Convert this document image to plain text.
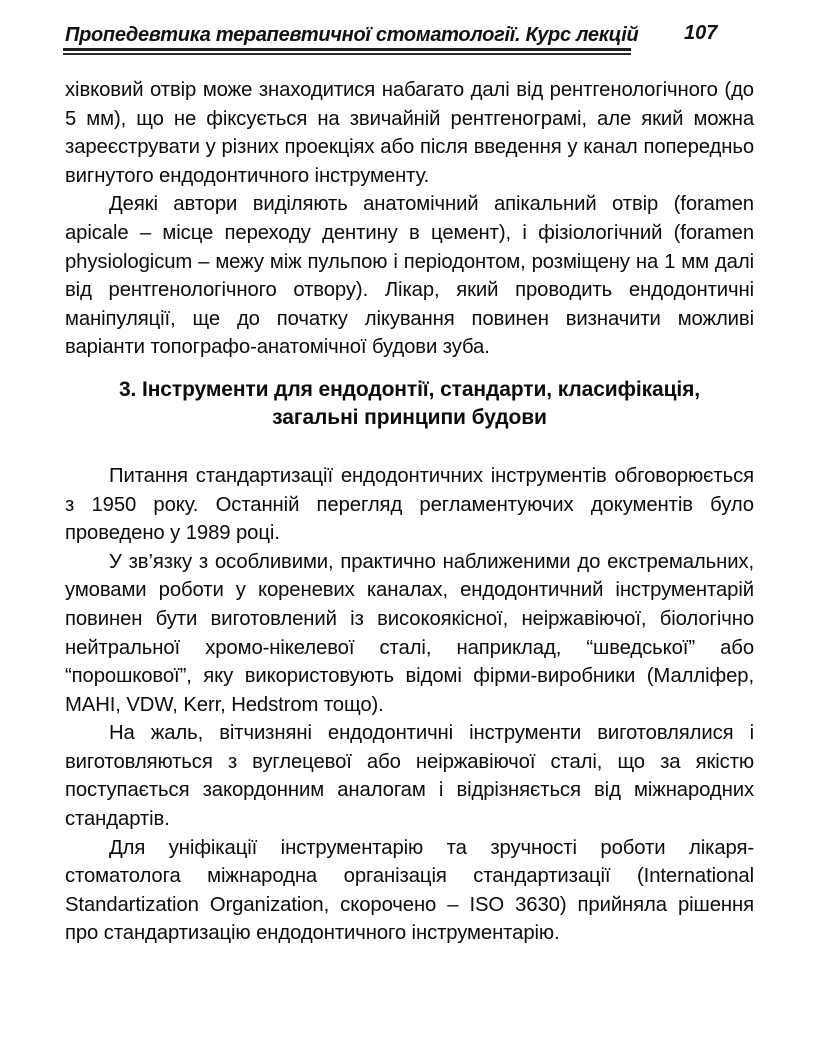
Пропедевтика терапевтичної стоматології. Курс лекцій 107

хівковий отвір може знаходитися набагато далі від рентгенологічного (до 5 мм), що не фіксується на звичайній рентгенограмі, але який можна зареєструвати у різних проекціях або після введення у канал попередньо вигнутого ендодонтичного інструменту.

Деякі автори виділяють анатомічний апікальний отвір (foramen apicale – місце переходу дентину в цемент), і фізіологічний (foramen physiologicum – межу між пульпою і періодонтом, розміщену на 1 мм далі від рентгенологічного отвору). Лікар, який проводить ендодонтичні маніпуляції, ще до початку лікування повинен визначити можливі варіанти топографо-анатомічної будови зуба.

3. Інструменти для ендодонтії, стандарти, класифікація,
загальні принципи будови

Питання стандартизації ендодонтичних інструментів обговорюється з 1950 року. Останній перегляд регламентуючих документів було проведено у 1989 році.

У зв’язку з особливими, практично наближеними до екстремальних, умовами роботи у кореневих каналах, ендодонтичний інструментарій повинен бути виготовлений із високоякісної, неіржавіючої, біологічно нейтральної хромо-нікелевої сталі, наприклад, “шведської” або “порошкової”, яку використовують відомі фірми-виробники (Малліфер, МАНІ, VDW, Kerr, Hedstrom тощо).

На жаль, вітчизняні ендодонтичні інструменти виготовлялися і виготовляються з вуглецевої або неіржавіючої сталі, що за якістю поступається закордонним аналогам і відрізняється від міжнародних стандартів.

Для уніфікації інструментарію та зручності роботи лікаря-стоматолога міжнародна організація стандартизації (International Standartization Organization, скорочено – ISO 3630) прийняла рішення про стандартизацію ендодонтичного інструментарію.
